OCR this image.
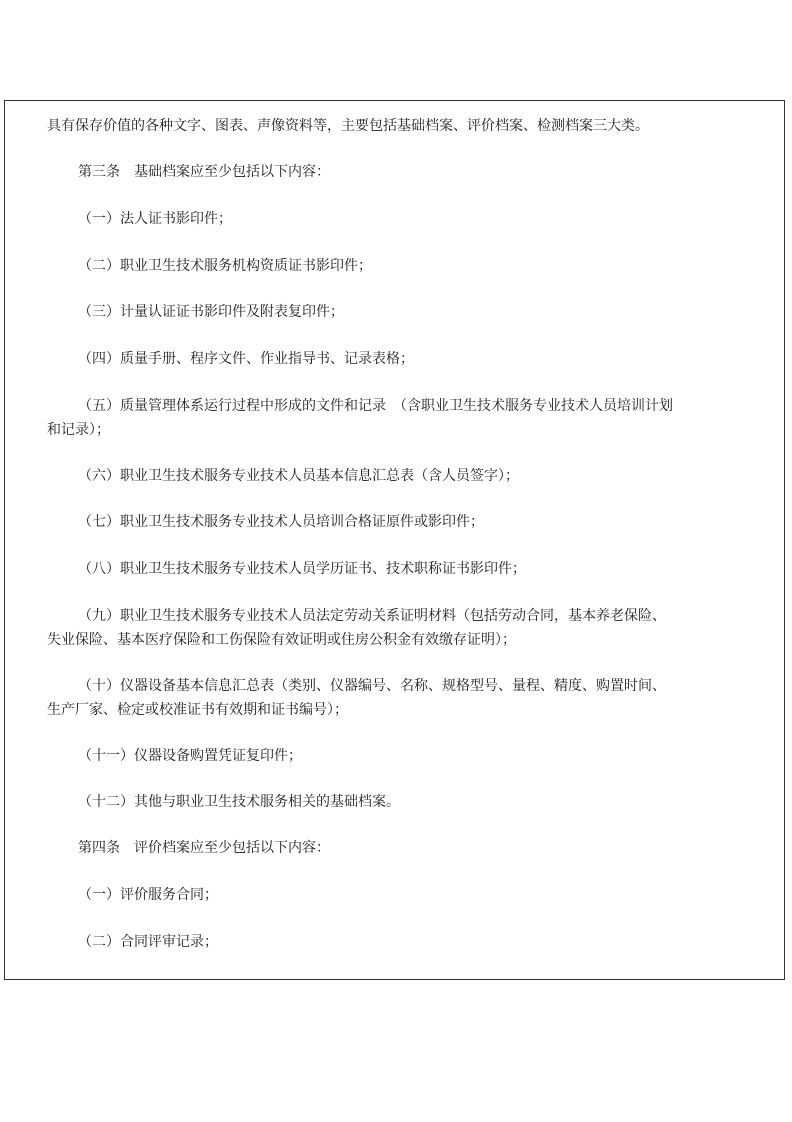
具有保存价值的各种文字、图表、声像资料等，主要包括基础档案、评价档案、检测档案三大类。
第三条　基础档案应至少包括以下内容：
（一）法人证书影印件；
（二）职业卫生技术服务机构资质证书影印件；
（三）计量认证证书影印件及附表复印件；
（四）质量手册、程序文件、作业指导书、记录表格；
（五）质量管理体系运行过程中形成的文件和记录　（含职业卫生技术服务专业技术人员培训计划
和记录）；
（六）职业卫生技术服务专业技术人员基本信息汇总表（含人员签字）；
（七）职业卫生技术服务专业技术人员培训合格证原件或影印件；
（八）职业卫生技术服务专业技术人员学历证书、技术职称证书影印件；
（九）职业卫生技术服务专业技术人员法定劳动关系证明材料（包括劳动合同，基本养老保险、
失业保险、基本医疗保险和工伤保险有效证明或住房公积金有效缴存证明）；
（十）仪器设备基本信息汇总表（类别、仪器编号、名称、规格型号、量程、精度、购置时间、
生产厂家、检定或校准证书有效期和证书编号）；
（十一）仪器设备购置凭证复印件；
（十二）其他与职业卫生技术服务相关的基础档案。
第四条　评价档案应至少包括以下内容：
（一）评价服务合同；
（二）合同评审记录；
